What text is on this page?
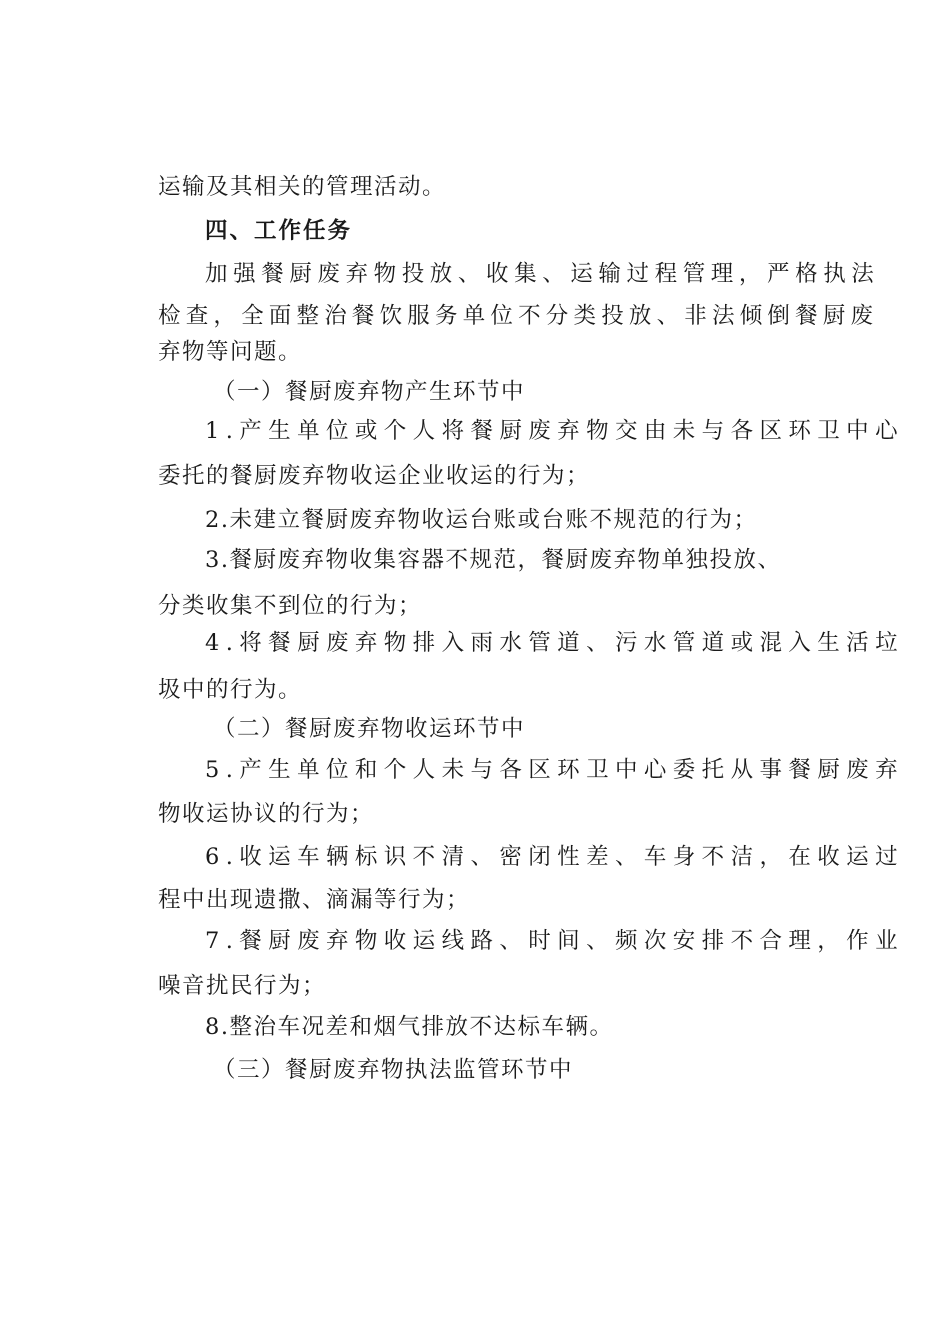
运输及其相关的管理活动。
四、工作任务
加强餐厨废弃物投放、收集、运输过程管理，严格执法
检查，全面整治餐饮服务单位不分类投放、非法倾倒餐厨废
弃物等问题。
（一）餐厨废弃物产生环节中
1.产生单位或个人将餐厨废弃物交由未与各区环卫中心
委托的餐厨废弃物收运企业收运的行为；
2.未建立餐厨废弃物收运台账或台账不规范的行为；
3.餐厨废弃物收集容器不规范，餐厨废弃物单独投放、
分类收集不到位的行为；
4.将餐厨废弃物排入雨水管道、污水管道或混入生活垃
圾中的行为。
（二）餐厨废弃物收运环节中
5.产生单位和个人未与各区环卫中心委托从事餐厨废弃
物收运协议的行为；
6.收运车辆标识不清、密闭性差、车身不洁，在收运过
程中出现遗撒、滴漏等行为；
7.餐厨废弃物收运线路、时间、频次安排不合理，作业
噪音扰民行为；
8.整治车况差和烟气排放不达标车辆。
（三）餐厨废弃物执法监管环节中
